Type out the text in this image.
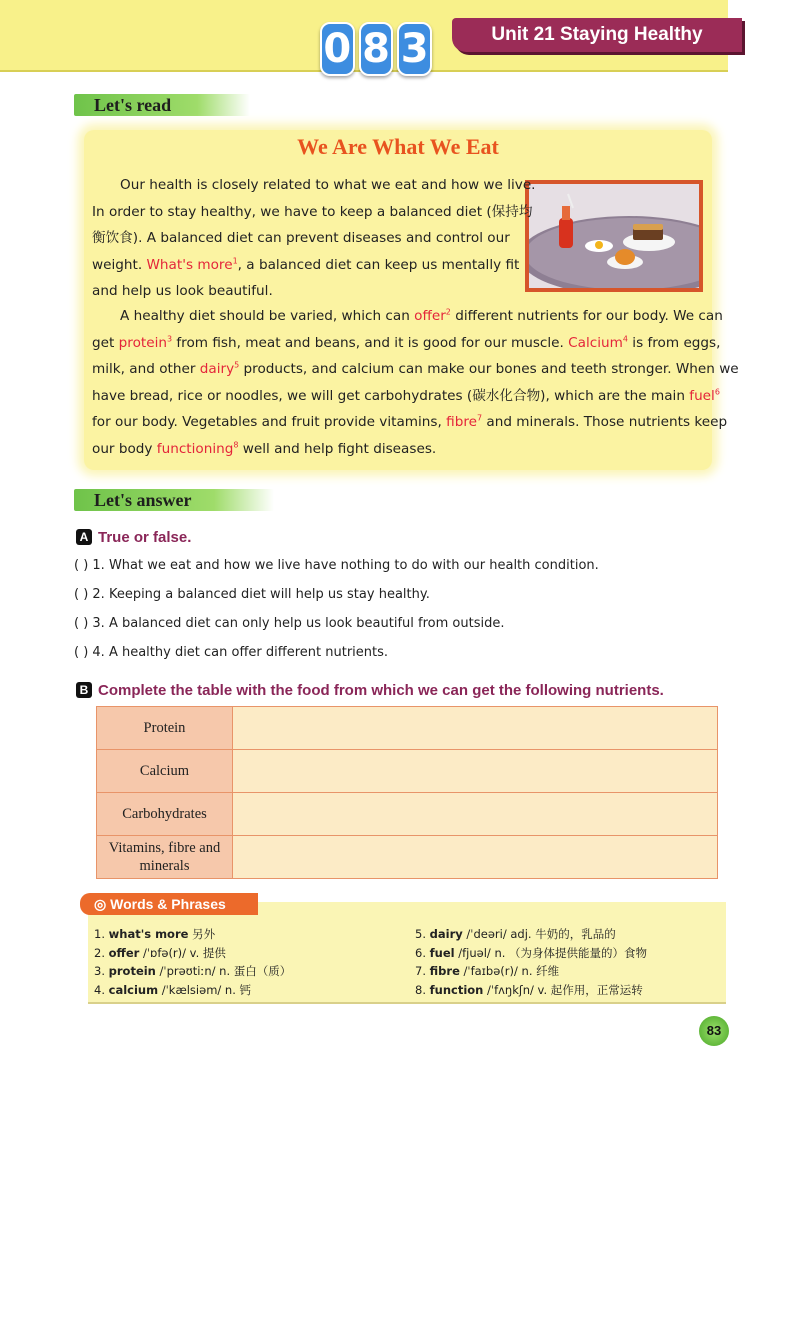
0 8 3	Unit 21 Staying Healthy
Let's read
We Are What We Eat
Our health is closely related to what we eat and how we live.
In order to stay healthy, we have to keep a balanced diet (保持均
衡饮食). A balanced diet can prevent diseases and control our
weight. What's more$^1$, a balanced diet can keep us mentally fit
and help us look beautiful.
A healthy diet should be varied, which can offer$^2$ different nutrients for our body. We can
get protein$^3$ from fish, meat and beans, and it is good for our muscle. Calcium$^4$ is from eggs,
milk, and other dairy$^5$ products, and calcium can make our bones and teeth stronger. When we
have bread, rice or noodles, we will get carbohydrates (碳水化合物), which are the main fuel$^6$
for our body. Vegetables and fruit provide vitamins, fibre$^7$ and minerals. Those nutrients keep
our body functioning$^8$ well and help fight diseases.
Let's answer
A True or false.
( ) 1. What we eat and how we live have nothing to do with our health condition.
( ) 2. Keeping a balanced diet will help us stay healthy.
( ) 3. A balanced diet can only help us look beautiful from outside.
( ) 4. A healthy diet can offer different nutrients.
B Complete the table with the food from which we can get the following nutrients.
Protein	
Calcium	
Carbohydrates	
Vitamins, fibre and minerals	
◎ Words & Phrases
1. what's more 另外
2. offer /ˈɒfə(r)/ v. 提供
3. protein /ˈprəʊtiːn/ n. 蛋白（质）
4. calcium /ˈkælsiəm/ n. 钙
5. dairy /ˈdeəri/ adj. 牛奶的，乳品的
6. fuel /fjuəl/ n. （为身体提供能量的）食物
7. fibre /ˈfaɪbə(r)/ n. 纤维
8. function /ˈfʌŋkʃn/ v. 起作用，正常运转
83
